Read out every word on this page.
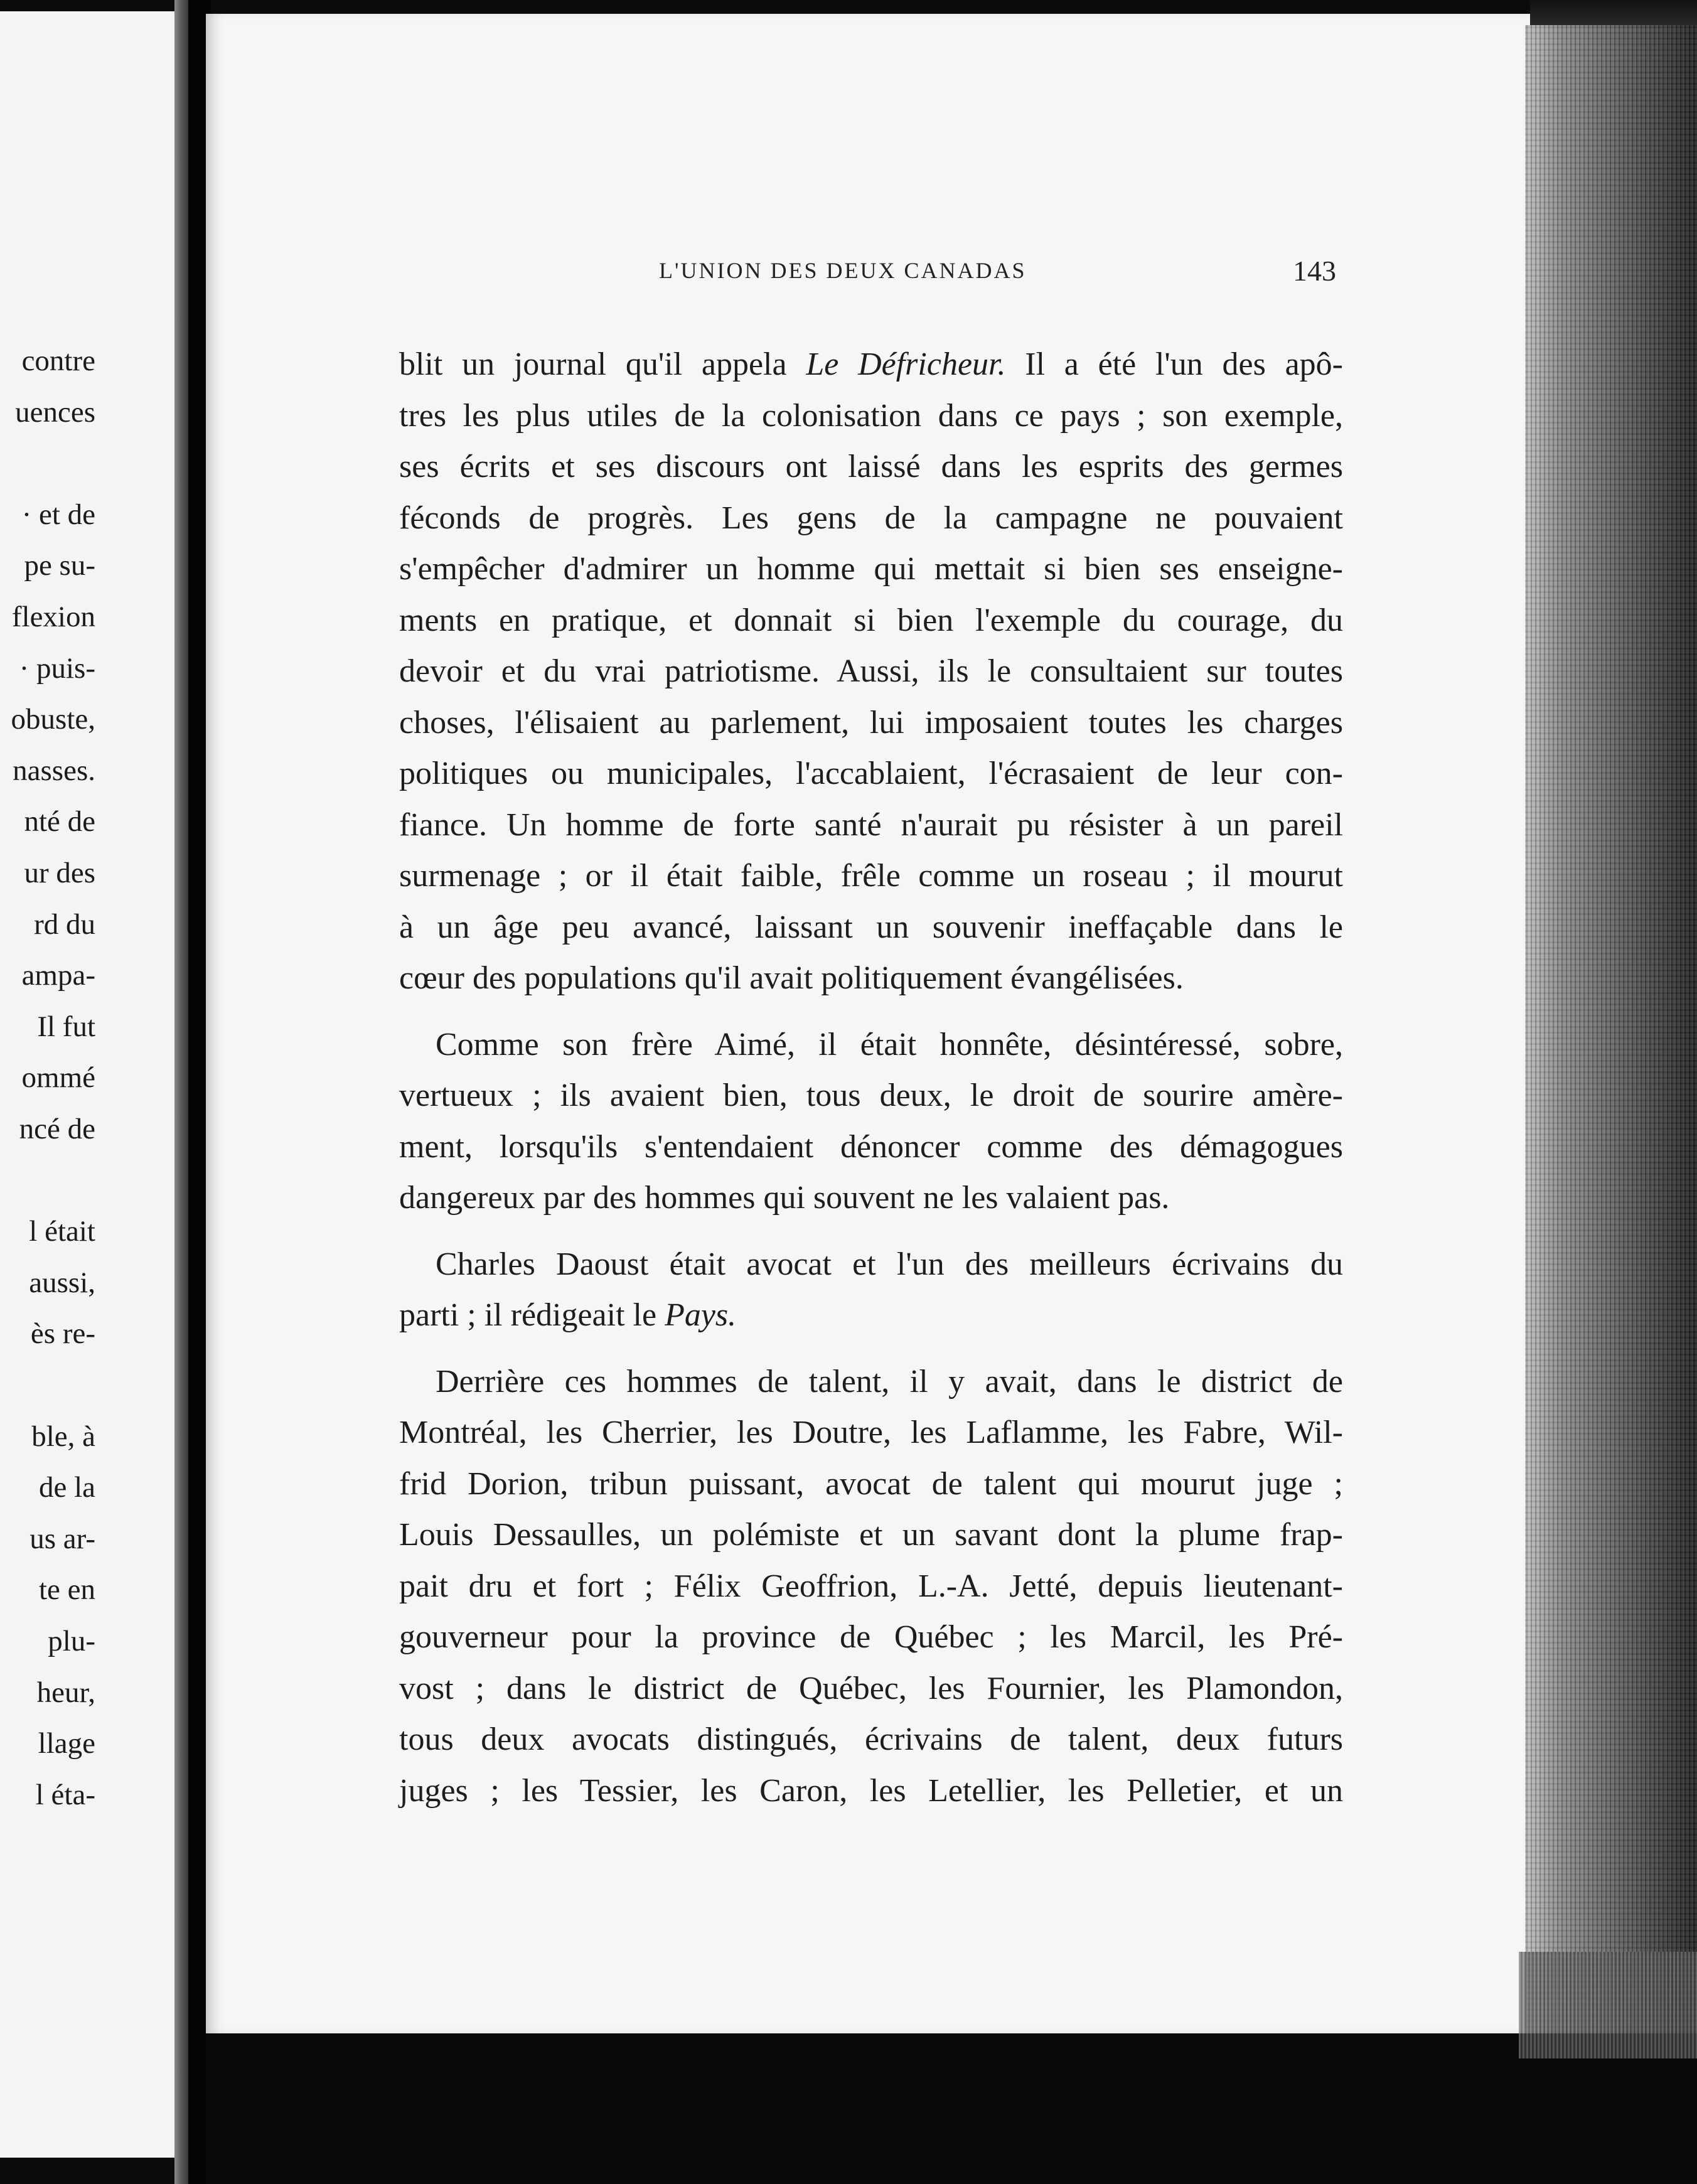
contre
uences
· et de
pe su-
flexion
· puis-
obuste,
nasses.
nté de
ur des
rd du
ampa-
Il fut
ommé
ncé de
l était
aussi,
ès re-
ble, à
de la
us ar-
te en
plu-
heur,
llage
l éta-
L'UNION DES DEUX CANADAS	143
blit un journal qu'il appela Le Défricheur. Il a été l'un des apô-
tres les plus utiles de la colonisation dans ce pays ; son exemple,
ses écrits et ses discours ont laissé dans les esprits des germes
féconds de progrès. Les gens de la campagne ne pouvaient
s'empêcher d'admirer un homme qui mettait si bien ses enseigne-
ments en pratique, et donnait si bien l'exemple du courage, du
devoir et du vrai patriotisme. Aussi, ils le consultaient sur toutes
choses, l'élisaient au parlement, lui imposaient toutes les charges
politiques ou municipales, l'accablaient, l'écrasaient de leur con-
fiance. Un homme de forte santé n'aurait pu résister à un pareil
surmenage ; or il était faible, frêle comme un roseau ; il mourut
à un âge peu avancé, laissant un souvenir ineffaçable dans le
cœur des populations qu'il avait politiquement évangélisées.
Comme son frère Aimé, il était honnête, désintéressé, sobre,
vertueux ; ils avaient bien, tous deux, le droit de sourire amère-
ment, lorsqu'ils s'entendaient dénoncer comme des démagogues
dangereux par des hommes qui souvent ne les valaient pas.
Charles Daoust était avocat et l'un des meilleurs écrivains du
parti ; il rédigeait le Pays.
Derrière ces hommes de talent, il y avait, dans le district de
Montréal, les Cherrier, les Doutre, les Laflamme, les Fabre, Wil-
frid Dorion, tribun puissant, avocat de talent qui mourut juge ;
Louis Dessaulles, un polémiste et un savant dont la plume frap-
pait dru et fort ; Félix Geoffrion, L.-A. Jetté, depuis lieutenant-
gouverneur pour la province de Québec ; les Marcil, les Pré-
vost ; dans le district de Québec, les Fournier, les Plamondon,
tous deux avocats distingués, écrivains de talent, deux futurs
juges ; les Tessier, les Caron, les Letellier, les Pelletier, et un
